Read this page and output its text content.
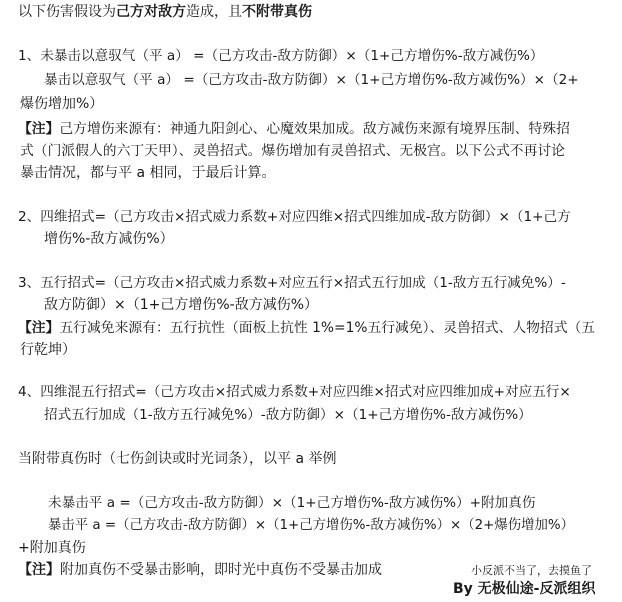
以下伤害假设为己方对敌方造成，且不附带真伤
1、未暴击以意驭气（平 a） =（己方攻击-敌方防御）×（1+己方增伤%-敌方减伤%）
暴击以意驭气（平 a） =（己方攻击-敌方防御）×（1+己方增伤%-敌方减伤%）×（2+
爆伤增加%）
【注】己方增伤来源有：神通九阳剑心、心魔效果加成。敌方减伤来源有境界压制、特殊招
式（门派假人的六丁天甲）、灵兽招式。爆伤增加有灵兽招式、无极宫。以下公式不再讨论
暴击情况，都与平 a 相同，于最后计算。
2、四维招式=（己方攻击×招式威力系数+对应四维×招式四维加成-敌方防御）×（1+己方
增伤%-敌方减伤%）
3、五行招式=（己方攻击×招式威力系数+对应五行×招式五行加成（1-敌方五行减免%）-
敌方防御）×（1+己方增伤%-敌方减伤%）
【注】五行减免来源有：五行抗性（面板上抗性 1%=1%五行减免）、灵兽招式、人物招式（五
行乾坤）
4、四维混五行招式=（己方攻击×招式威力系数+对应四维×招式对应四维加成+对应五行×
招式五行加成（1-敌方五行减免%）-敌方防御）×（1+己方增伤%-敌方减伤%）
当附带真伤时（七伤剑诀或时光词条），以平 a 举例
未暴击平 a =（己方攻击-敌方防御）×（1+己方增伤%-敌方减伤%）+附加真伤
暴击平 a =（己方攻击-敌方防御）×（1+己方增伤%-敌方减伤%）×（2+爆伤增加%）
+附加真伤
【注】附加真伤不受暴击影响，即时光中真伤不受暴击加成	小反派不当了，去摸鱼了
By 无极仙途-反派组织
